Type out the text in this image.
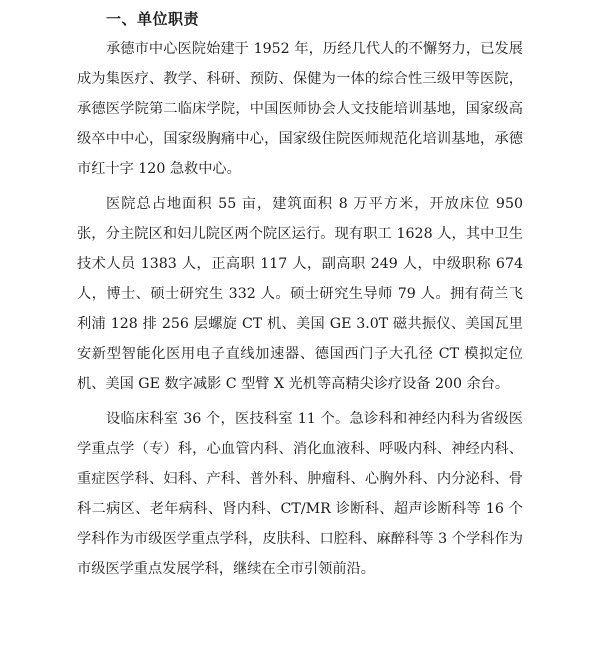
一、单位职责

承德市中心医院始建于 1952 年，历经几代人的不懈努力，已发展成为集医疗、教学、科研、预防、保健为一体的综合性三级甲等医院，承德医学院第二临床学院，中国医师协会人文技能培训基地，国家级高级卒中中心，国家级胸痛中心，国家级住院医师规范化培训基地，承德市红十字 120 急救中心。

医院总占地面积 55 亩，建筑面积 8 万平方米，开放床位 950 张，分主院区和妇儿院区两个院区运行。现有职工 1628 人，其中卫生技术人员 1383 人，正高职 117 人，副高职 249 人，中级职称 674 人，博士、硕士研究生 332 人。硕士研究生导师 79 人。拥有荷兰飞利浦 128 排 256 层螺旋 CT 机、美国 GE 3.0T 磁共振仪、美国瓦里安新型智能化医用电子直线加速器、德国西门子大孔径 CT 模拟定位机、美国 GE 数字减影 C 型臂 X 光机等高精尖诊疗设备 200 余台。

设临床科室 36 个，医技科室 11 个。急诊科和神经内科为省级医学重点学（专）科，心血管内科、消化血液科、呼吸内科、神经内科、重症医学科、妇科、产科、普外科、肿瘤科、心胸外科、内分泌科、骨科二病区、老年病科、肾内科、CT/MR 诊断科、超声诊断科等 16 个学科作为市级医学重点学科，皮肤科、口腔科、麻醉科等 3 个学科作为市级医学重点发展学科，继续在全市引领前沿。
